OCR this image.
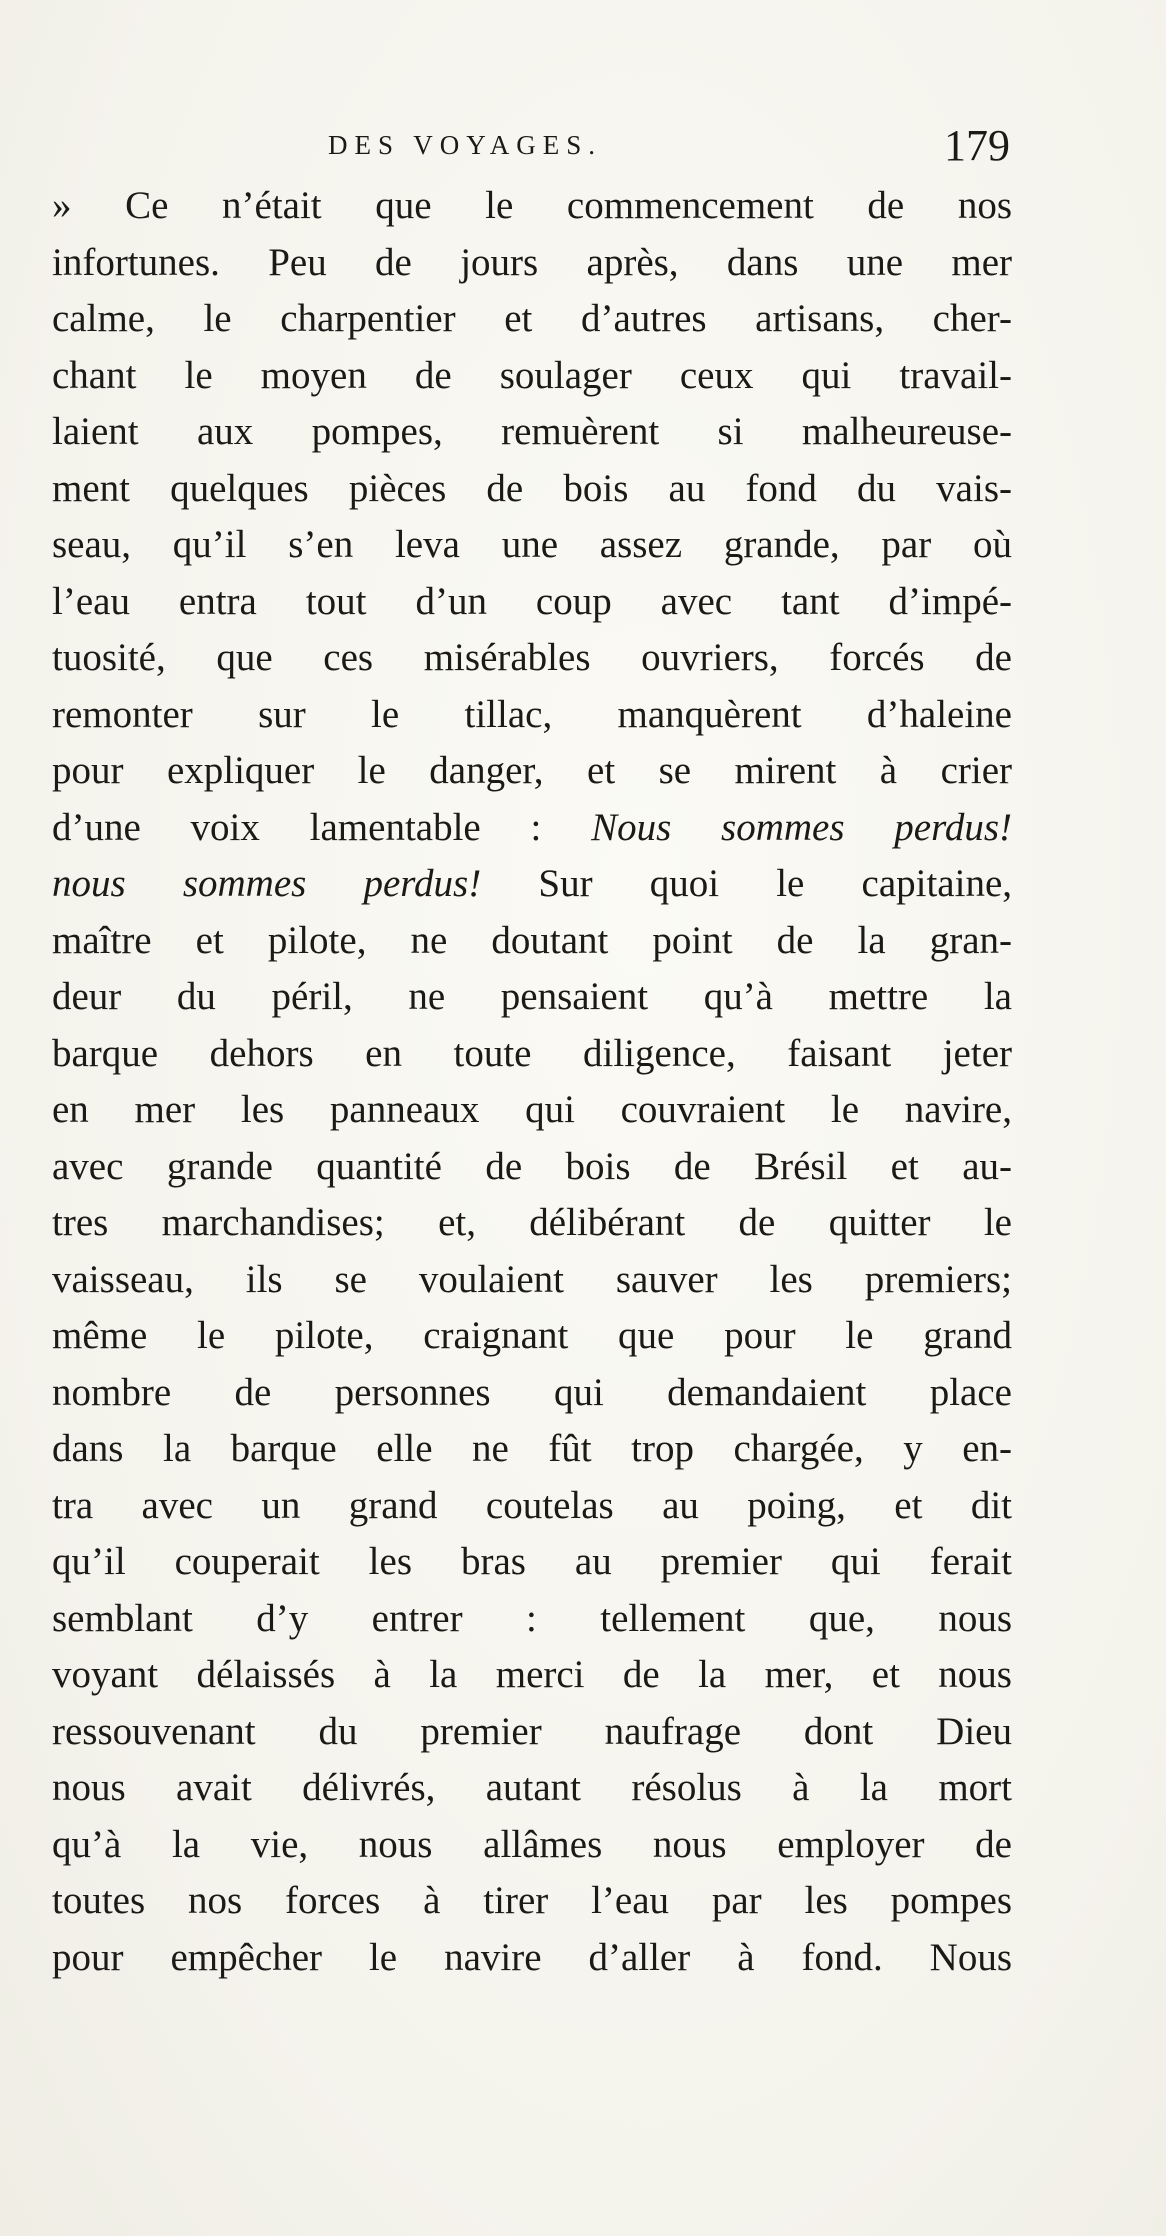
DES VOYAGES.	179
» Ce n’était que le commencement de nos
infortunes. Peu de jours après, dans une mer
calme, le charpentier et d’autres artisans, cher-
chant le moyen de soulager ceux qui travail-
laient aux pompes, remuèrent si malheureuse-
ment quelques pièces de bois au fond du vais-
seau, qu’il s’en leva une assez grande, par où
l’eau entra tout d’un coup avec tant d’impé-
tuosité, que ces misérables ouvriers, forcés de
remonter sur le tillac, manquèrent d’haleine
pour expliquer le danger, et se mirent à crier
d’une voix lamentable : Nous sommes perdus!
nous sommes perdus! Sur quoi le capitaine,
maître et pilote, ne doutant point de la gran-
deur du péril, ne pensaient qu’à mettre la
barque dehors en toute diligence, faisant jeter
en mer les panneaux qui couvraient le navire,
avec grande quantité de bois de Brésil et au-
tres marchandises; et, délibérant de quitter le
vaisseau, ils se voulaient sauver les premiers;
même le pilote, craignant que pour le grand
nombre de personnes qui demandaient place
dans la barque elle ne fût trop chargée, y en-
tra avec un grand coutelas au poing, et dit
qu’il couperait les bras au premier qui ferait
semblant d’y entrer : tellement que, nous
voyant délaissés à la merci de la mer, et nous
ressouvenant du premier naufrage dont Dieu
nous avait délivrés, autant résolus à la mort
qu’à la vie, nous allâmes nous employer de
toutes nos forces à tirer l’eau par les pompes
pour empêcher le navire d’aller à fond. Nous
